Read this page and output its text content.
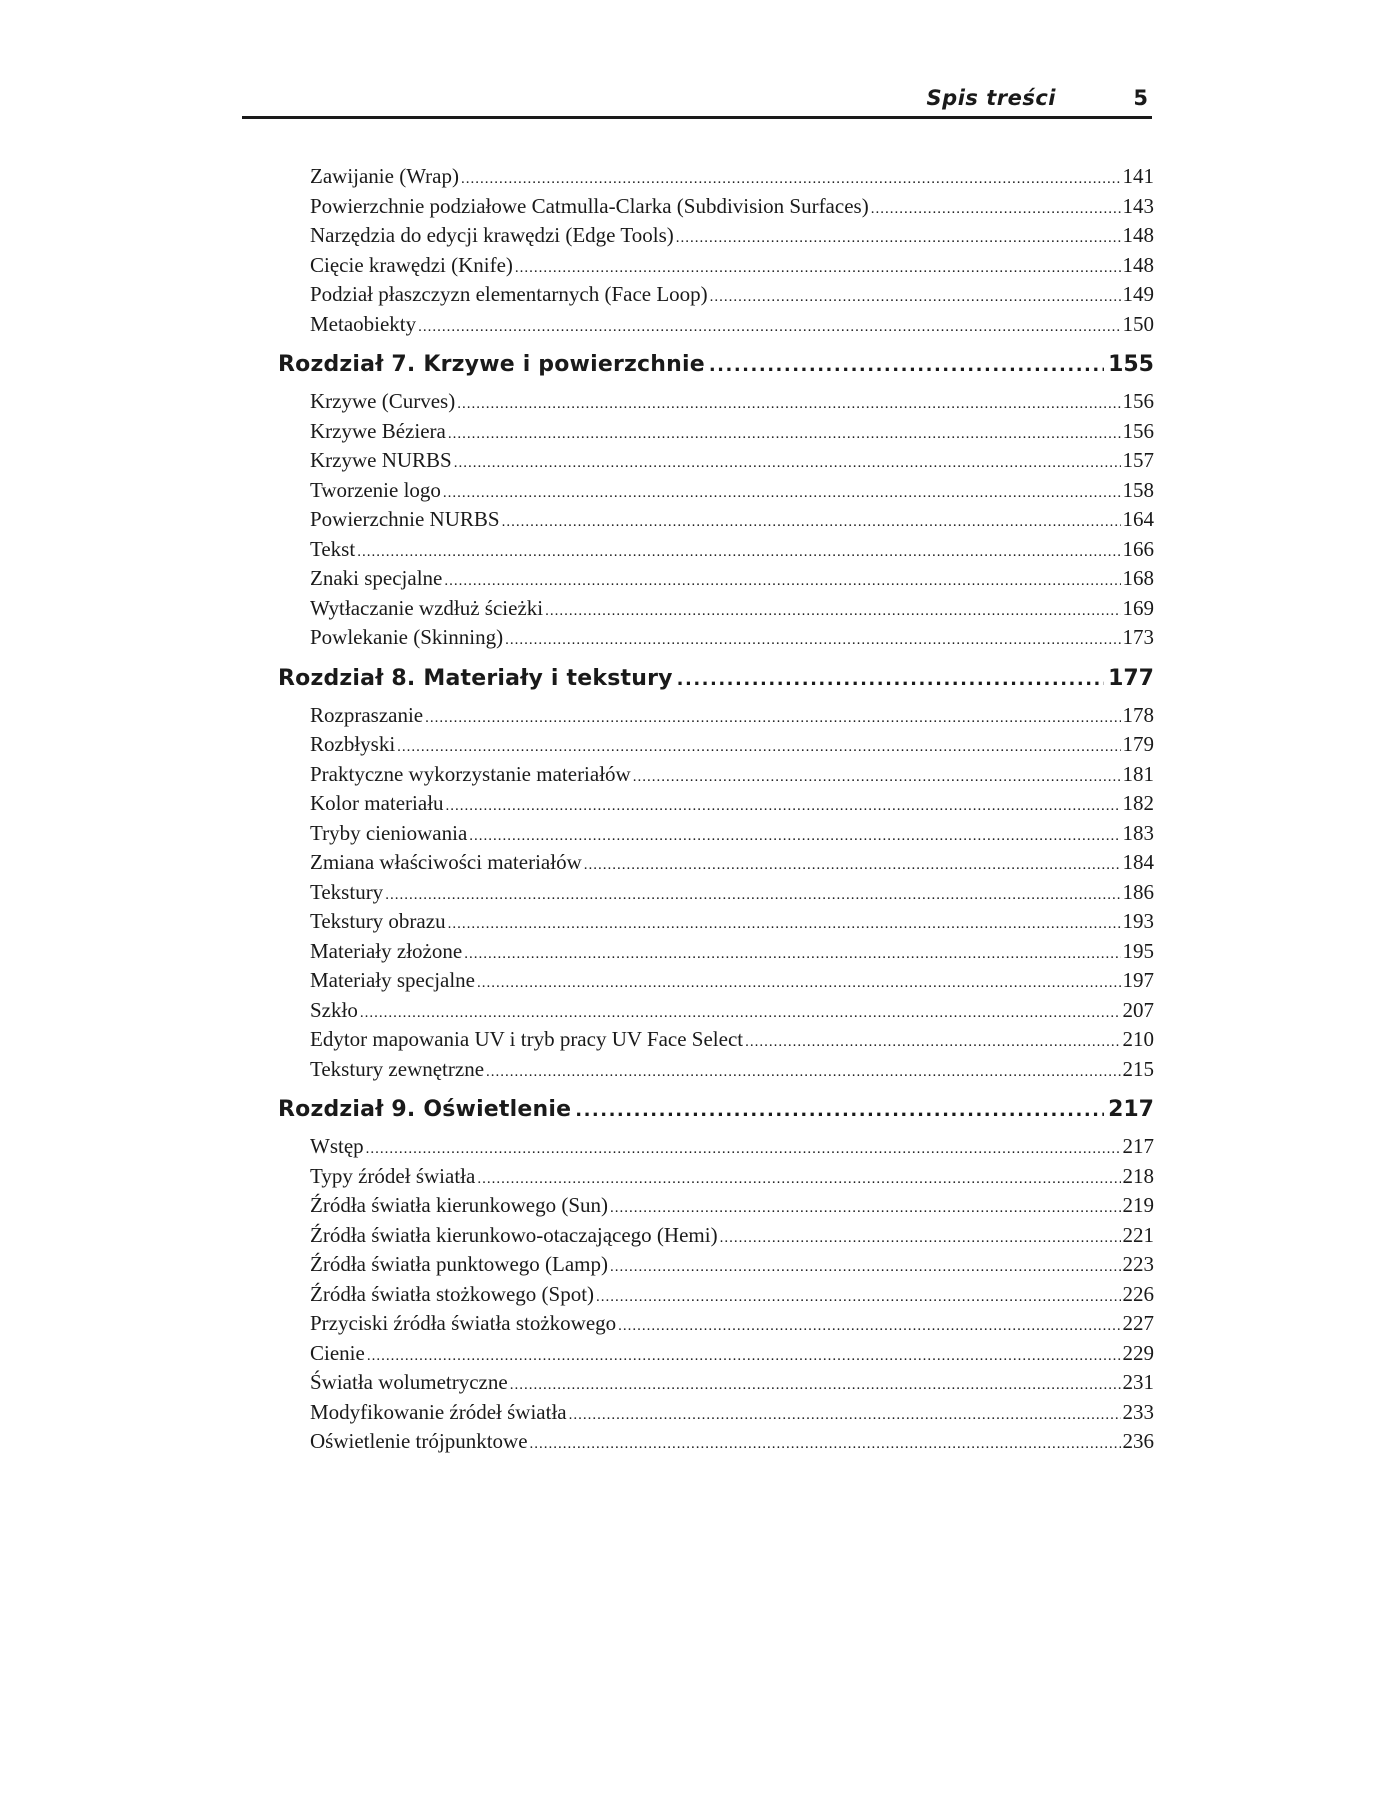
Spis treści	5
Zawijanie (Wrap) .....	141
Powierzchnie podziałowe Catmulla-Clarka (Subdivision Surfaces) .....	143
Narzędzia do edycji krawędzi (Edge Tools) .....	148
Cięcie krawędzi (Knife) .....	148
Podział płaszczyzn elementarnych (Face Loop) .....	149
Metaobiekty .....	150
Rozdział 7. Krzywe i powierzchnie .....	155
Krzywe (Curves) .....	156
Krzywe Béziera .....	156
Krzywe NURBS .....	157
Tworzenie logo .....	158
Powierzchnie NURBS .....	164
Tekst .....	166
Znaki specjalne .....	168
Wytłaczanie wzdłuż ścieżki .....	169
Powlekanie (Skinning) .....	173
Rozdział 8. Materiały i tekstury .....	177
Rozpraszanie .....	178
Rozbłyski .....	179
Praktyczne wykorzystanie materiałów .....	181
Kolor materiału .....	182
Tryby cieniowania .....	183
Zmiana właściwości materiałów .....	184
Tekstury .....	186
Tekstury obrazu .....	193
Materiały złożone .....	195
Materiały specjalne .....	197
Szkło .....	207
Edytor mapowania UV i tryb pracy UV Face Select .....	210
Tekstury zewnętrzne .....	215
Rozdział 9. Oświetlenie .....	217
Wstęp .....	217
Typy źródeł światła .....	218
Źródła światła kierunkowego (Sun) .....	219
Źródła światła kierunkowo-otaczającego (Hemi) .....	221
Źródła światła punktowego (Lamp) .....	223
Źródła światła stożkowego (Spot) .....	226
Przyciski źródła światła stożkowego .....	227
Cienie .....	229
Światła wolumetryczne .....	231
Modyfikowanie źródeł światła .....	233
Oświetlenie trójpunktowe .....	236
